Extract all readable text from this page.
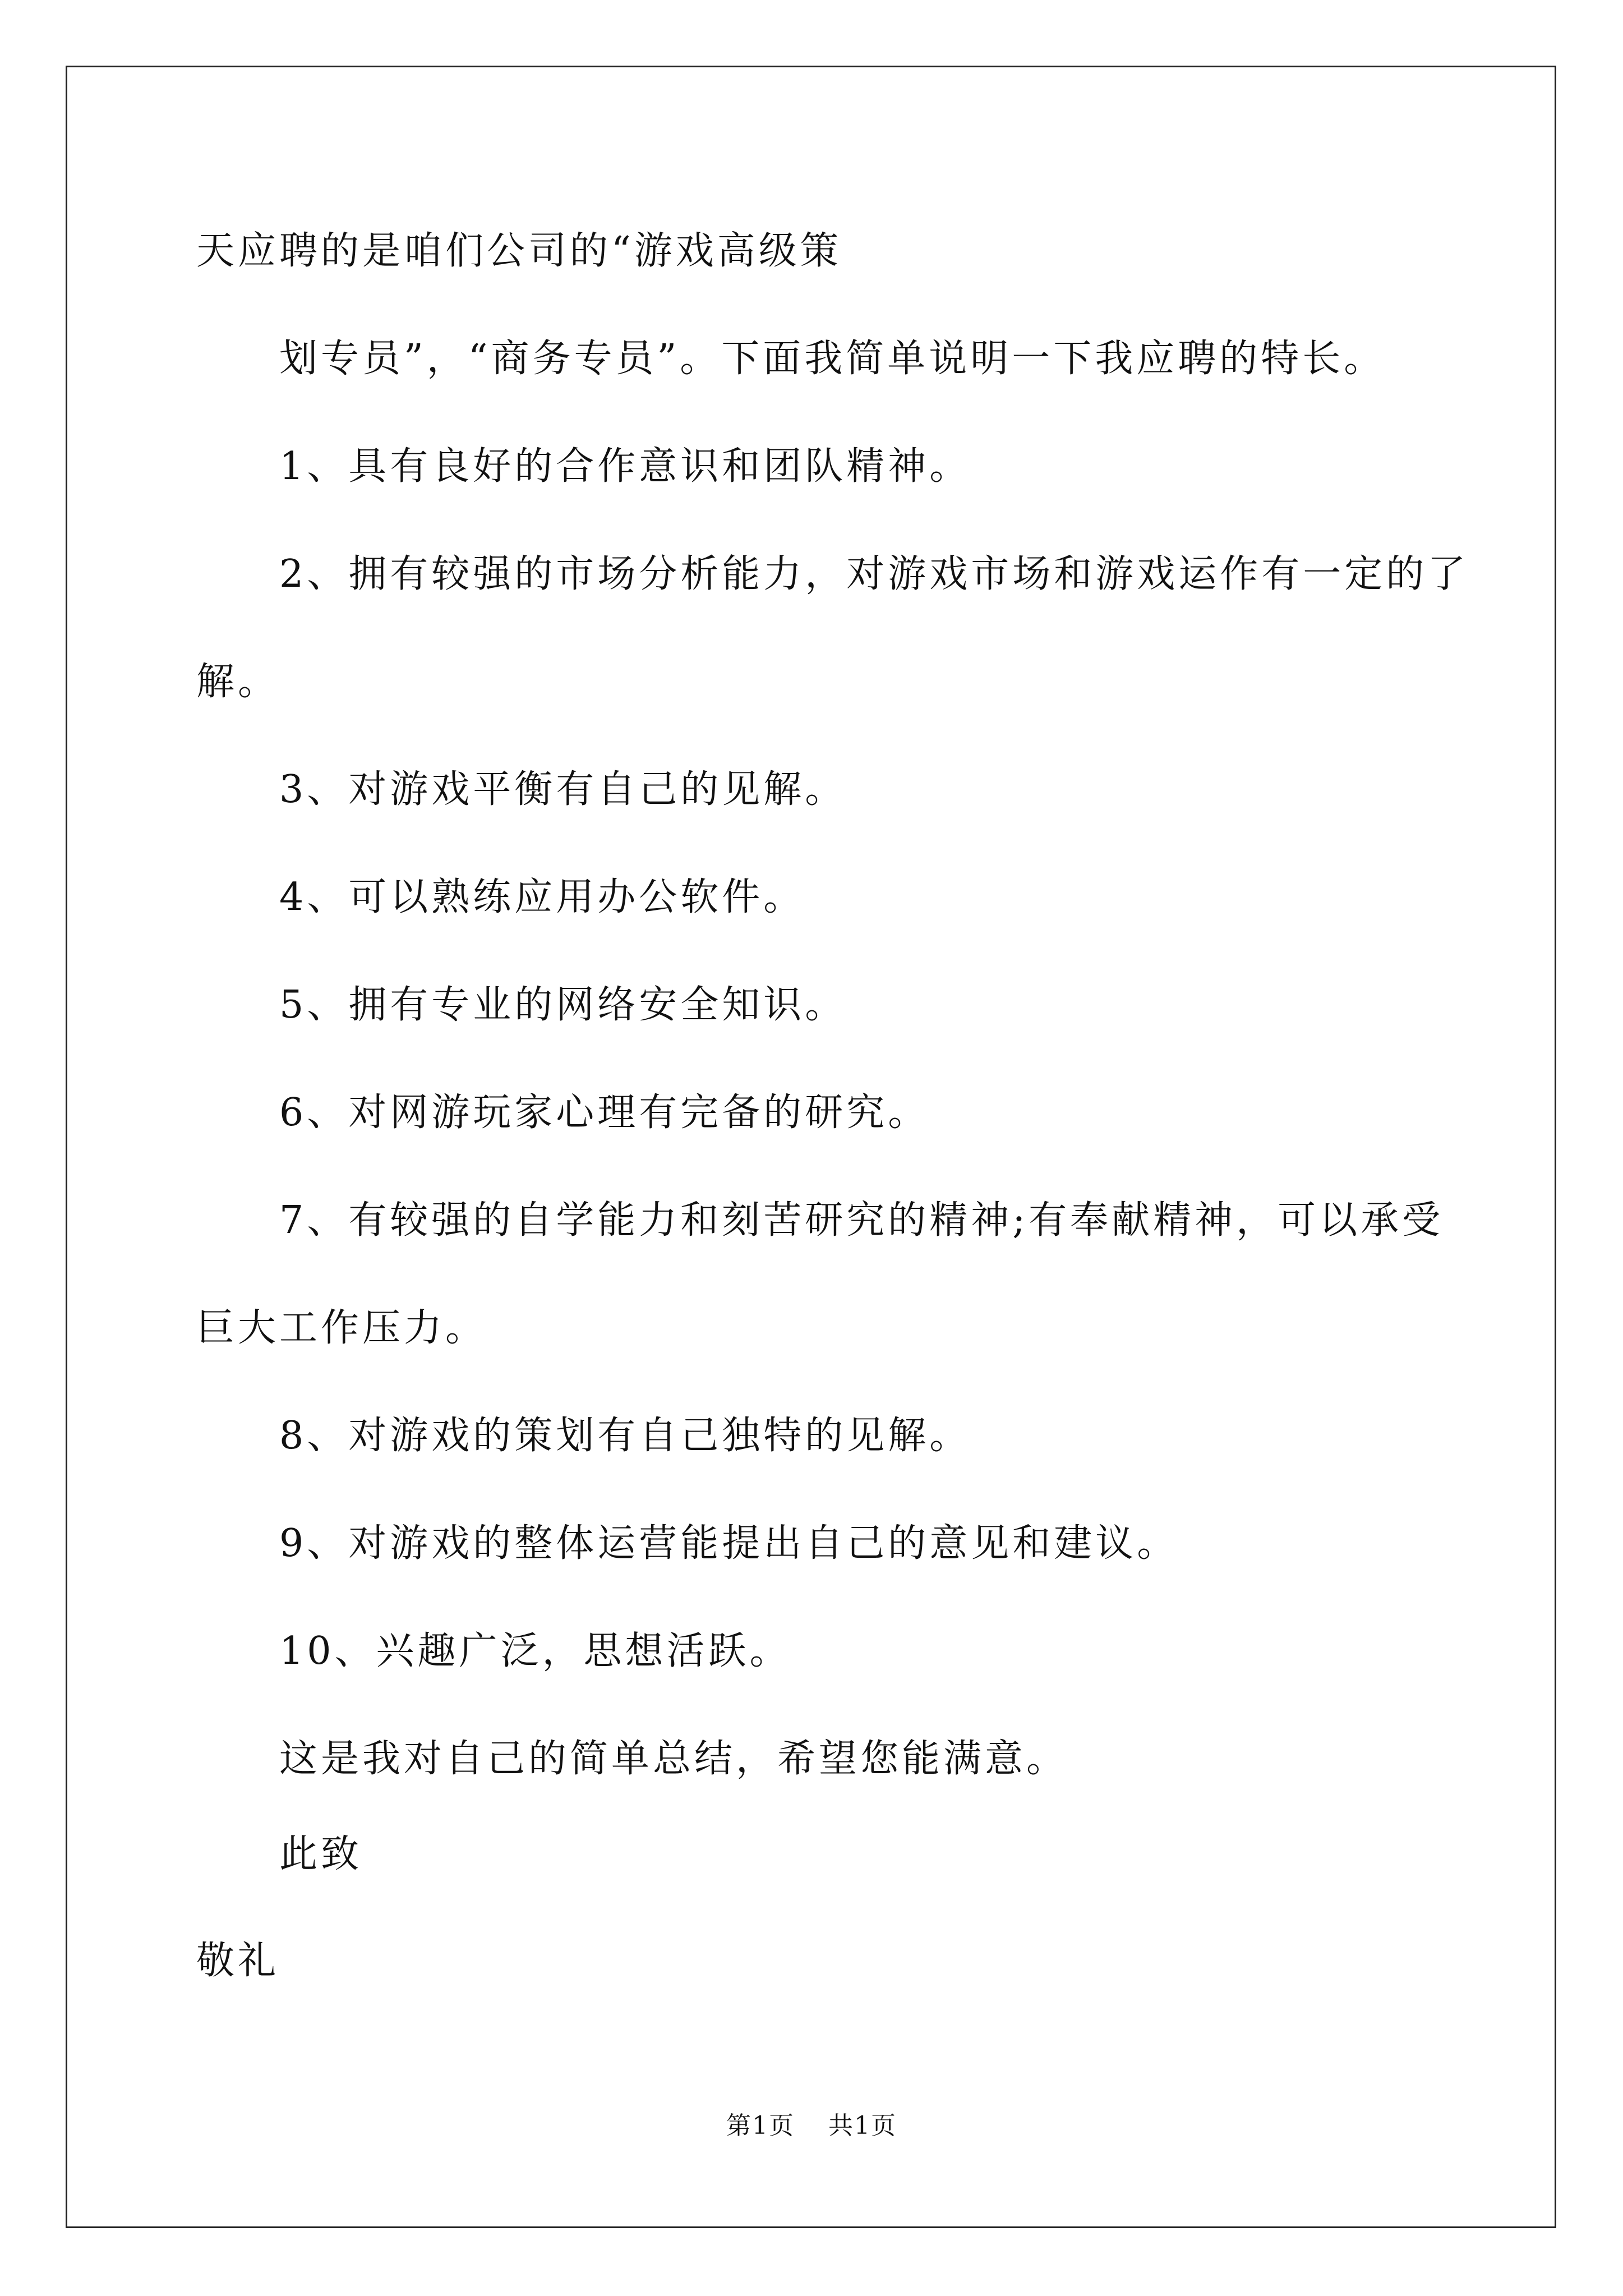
天应聘的是咱们公司的“游戏高级策
划专员”，“商务专员”。下面我简单说明一下我应聘的特长。
1、具有良好的合作意识和团队精神。
2、拥有较强的市场分析能力，对游戏市场和游戏运作有一定的了
解。
3、对游戏平衡有自己的见解。
4、可以熟练应用办公软件。
5、拥有专业的网络安全知识。
6、对网游玩家心理有完备的研究。
7、有较强的自学能力和刻苦研究的精神;有奉献精神，可以承受
巨大工作压力。
8、对游戏的策划有自己独特的见解。
9、对游戏的整体运营能提出自己的意见和建议。
10、兴趣广泛，思想活跃。
这是我对自己的简单总结，希望您能满意。
此致
敬礼
第1页 共1页
